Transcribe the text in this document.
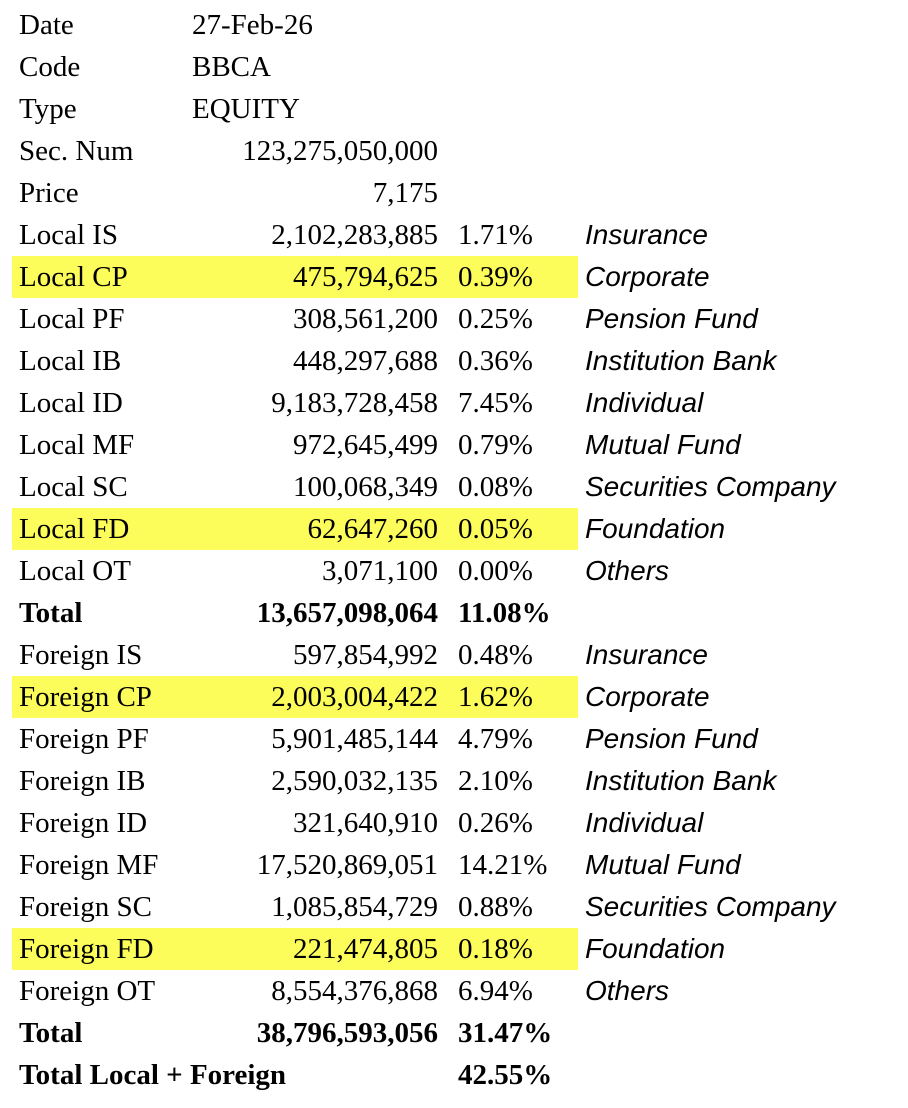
Date	27-Feb-26
Code	BBCA
Type	EQUITY
Sec. Num	123,275,050,000
Price	7,175
Local IS	2,102,283,885 1.71% Insurance
Local CP	475,794,625 0.39% Corporate
Local PF	308,561,200 0.25% Pension Fund
Local IB	448,297,688 0.36% Institution Bank
Local ID	9,183,728,458 7.45% Individual
Local MF	972,645,499 0.79% Mutual Fund
Local SC	100,068,349 0.08% Securities Company
Local FD	62,647,260 0.05% Foundation
Local OT	3,071,100 0.00% Others
Total	13,657,098,064 11.08%
Foreign IS	597,854,992 0.48% Insurance
Foreign CP	2,003,004,422 1.62% Corporate
Foreign PF	5,901,485,144 4.79% Pension Fund
Foreign IB	2,590,032,135 2.10% Institution Bank
Foreign ID	321,640,910 0.26% Individual
Foreign MF	17,520,869,051 14.21% Mutual Fund
Foreign SC	1,085,854,729 0.88% Securities Company
Foreign FD	221,474,805 0.18% Foundation
Foreign OT	8,554,376,868 6.94% Others
Total	38,796,593,056 31.47%
Total Local + Foreign	42.55%
